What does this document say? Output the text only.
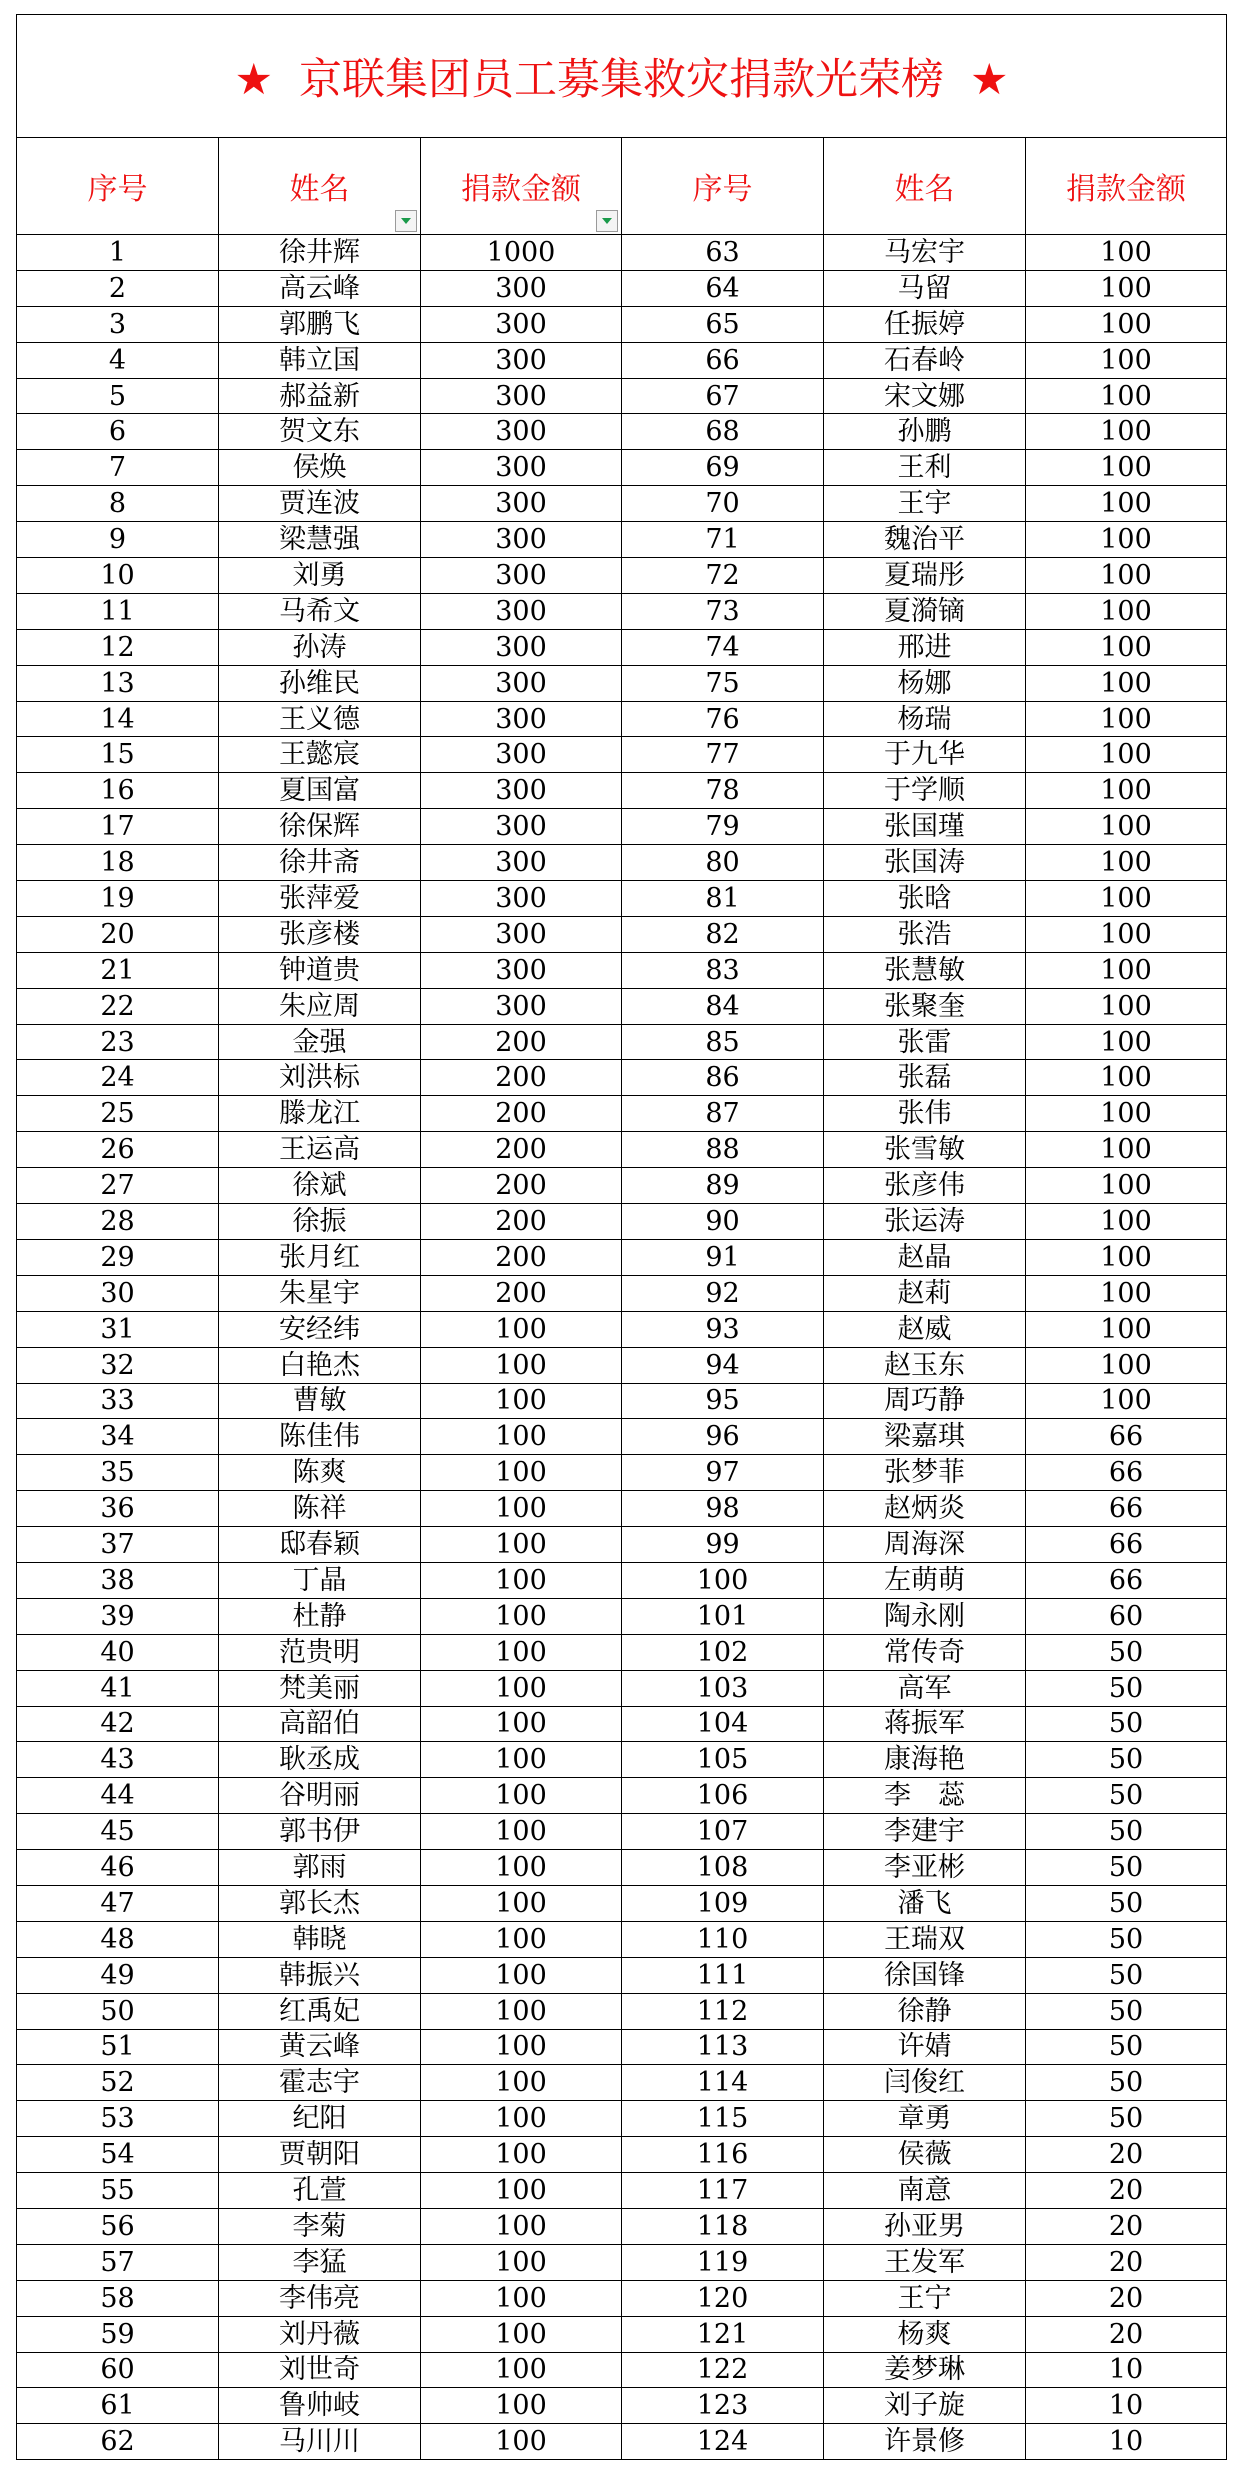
★ 京联集团员工募集救灾捐款光荣榜 ★					
序号	姓名	捐款金额	序号	姓名	捐款金额
1	徐井辉	1000	63	马宏宇	100
2	高云峰	300	64	马留	100
3	郭鹏飞	300	65	任振婷	100
4	韩立国	300	66	石春岭	100
5	郝益新	300	67	宋文娜	100
6	贺文东	300	68	孙鹏	100
7	侯焕	300	69	王利	100
8	贾连波	300	70	王宇	100
9	梁慧强	300	71	魏治平	100
10	刘勇	300	72	夏瑞彤	100
11	马希文	300	73	夏漪镝	100
12	孙涛	300	74	邢进	100
13	孙维民	300	75	杨娜	100
14	王义德	300	76	杨瑞	100
15	王懿宸	300	77	于九华	100
16	夏国富	300	78	于学顺	100
17	徐保辉	300	79	张国瑾	100
18	徐井斋	300	80	张国涛	100
19	张萍爱	300	81	张晗	100
20	张彦楼	300	82	张浩	100
21	钟道贵	300	83	张慧敏	100
22	朱应周	300	84	张聚奎	100
23	金强	200	85	张雷	100
24	刘洪标	200	86	张磊	100
25	滕龙江	200	87	张伟	100
26	王运高	200	88	张雪敏	100
27	徐斌	200	89	张彦伟	100
28	徐振	200	90	张运涛	100
29	张月红	200	91	赵晶	100
30	朱星宇	200	92	赵莉	100
31	安经纬	100	93	赵威	100
32	白艳杰	100	94	赵玉东	100
33	曹敏	100	95	周巧静	100
34	陈佳伟	100	96	梁嘉琪	66
35	陈爽	100	97	张梦菲	66
36	陈祥	100	98	赵炳炎	66
37	邸春颖	100	99	周海深	66
38	丁晶	100	100	左萌萌	66
39	杜静	100	101	陶永刚	60
40	范贵明	100	102	常传奇	50
41	梵美丽	100	103	高军	50
42	高韶伯	100	104	蒋振军	50
43	耿丞成	100	105	康海艳	50
44	谷明丽	100	106	李　蕊	50
45	郭书伊	100	107	李建宇	50
46	郭雨	100	108	李亚彬	50
47	郭长杰	100	109	潘飞	50
48	韩晓	100	110	王瑞双	50
49	韩振兴	100	111	徐国锋	50
50	红禹妃	100	112	徐静	50
51	黄云峰	100	113	许婧	50
52	霍志宇	100	114	闫俊红	50
53	纪阳	100	115	章勇	50
54	贾朝阳	100	116	侯薇	20
55	孔萱	100	117	南意	20
56	李菊	100	118	孙亚男	20
57	李猛	100	119	王发军	20
58	李伟亮	100	120	王宁	20
59	刘丹薇	100	121	杨爽	20
60	刘世奇	100	122	姜梦琳	10
61	鲁帅岐	100	123	刘子旋	10
62	马川川	100	124	许景修	10
